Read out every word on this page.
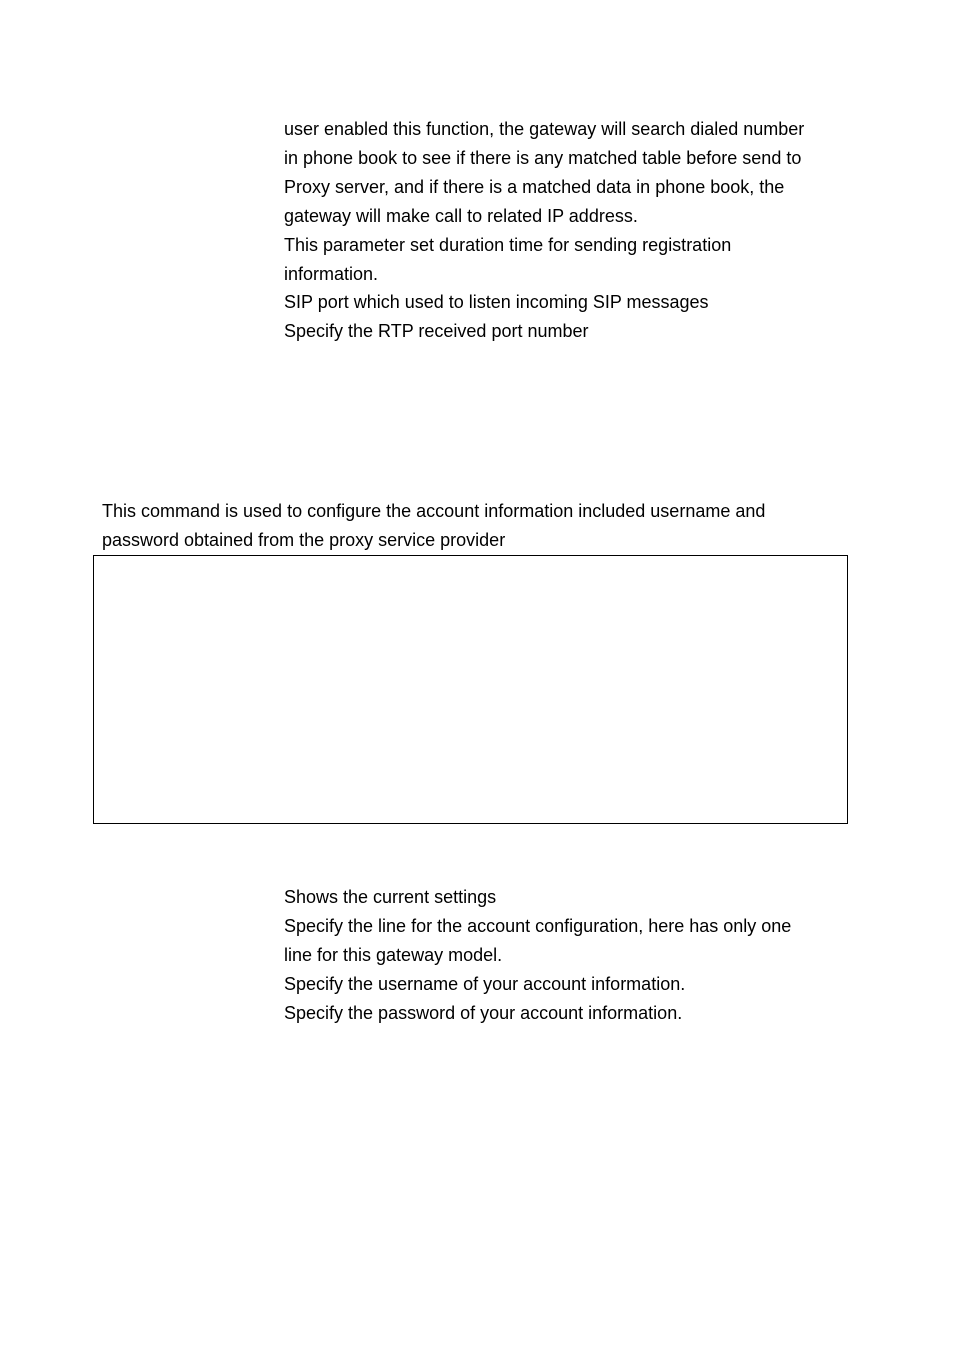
user enabled this function, the gateway will search dialed number
in phone book to see if there is any matched table before send to
Proxy server, and if there is a matched data in phone book, the
gateway will make call to related IP address.
This parameter set duration time for sending registration
information.
SIP port which used to listen incoming SIP messages
Specify the RTP received port number
This command is used to configure the account information included username and
password obtained from the proxy service provider
Shows the current settings
Specify the line for the account configuration, here has only one
line for this gateway model.
Specify the username of your account information.
Specify the password of your account information.
